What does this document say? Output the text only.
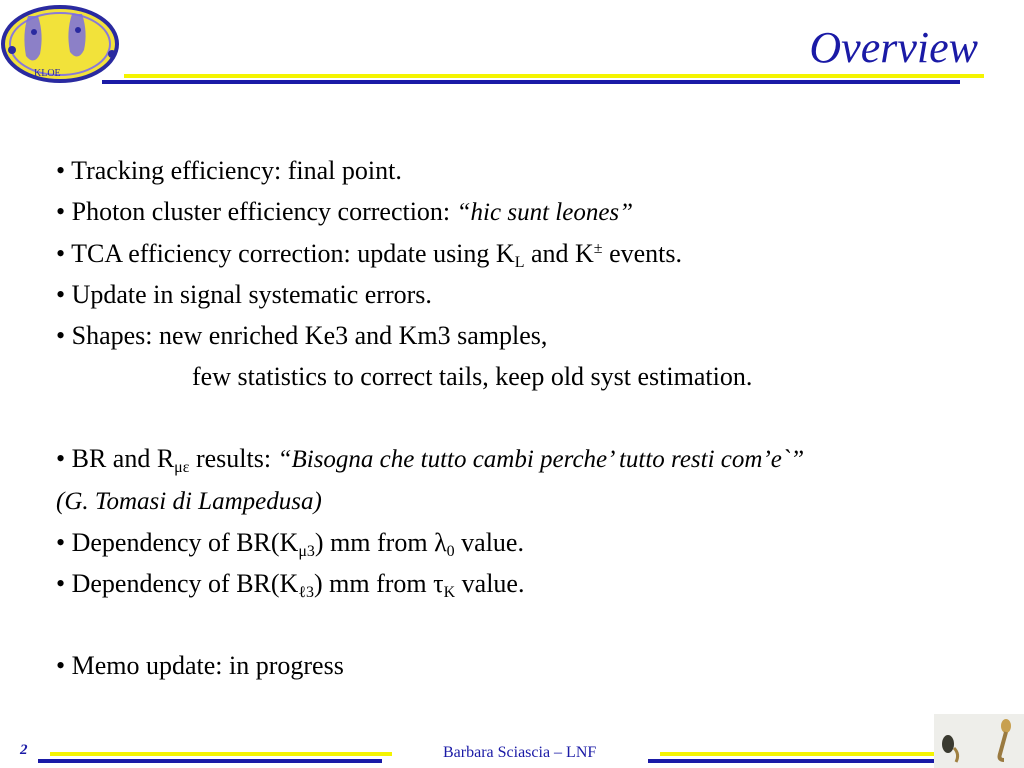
KLOE
Overview
• Tracking efficiency: final point.
• Photon cluster efficiency correction: “hic sunt leones”
• TCA efficiency correction: update using $K_L$ and K± events.
• Update in signal systematic errors.
• Shapes: new enriched Ke3 and Km3 samples,
few statistics to correct tails, keep old syst estimation.
• BR and $R_{\mu\varepsilon}$ results: “Bisogna che tutto cambi perche’ tutto resti com’e`”
(G. Tomasi di Lampedusa)
• Dependency of $BR(K_{\mu 3})$ mm from $\lambda_0$ value.
• Dependency of $BR(K_{\ell 3})$ mm from $\tau_K$ value.
• Memo update: in progress
2	Barbara Sciascia – LNF
